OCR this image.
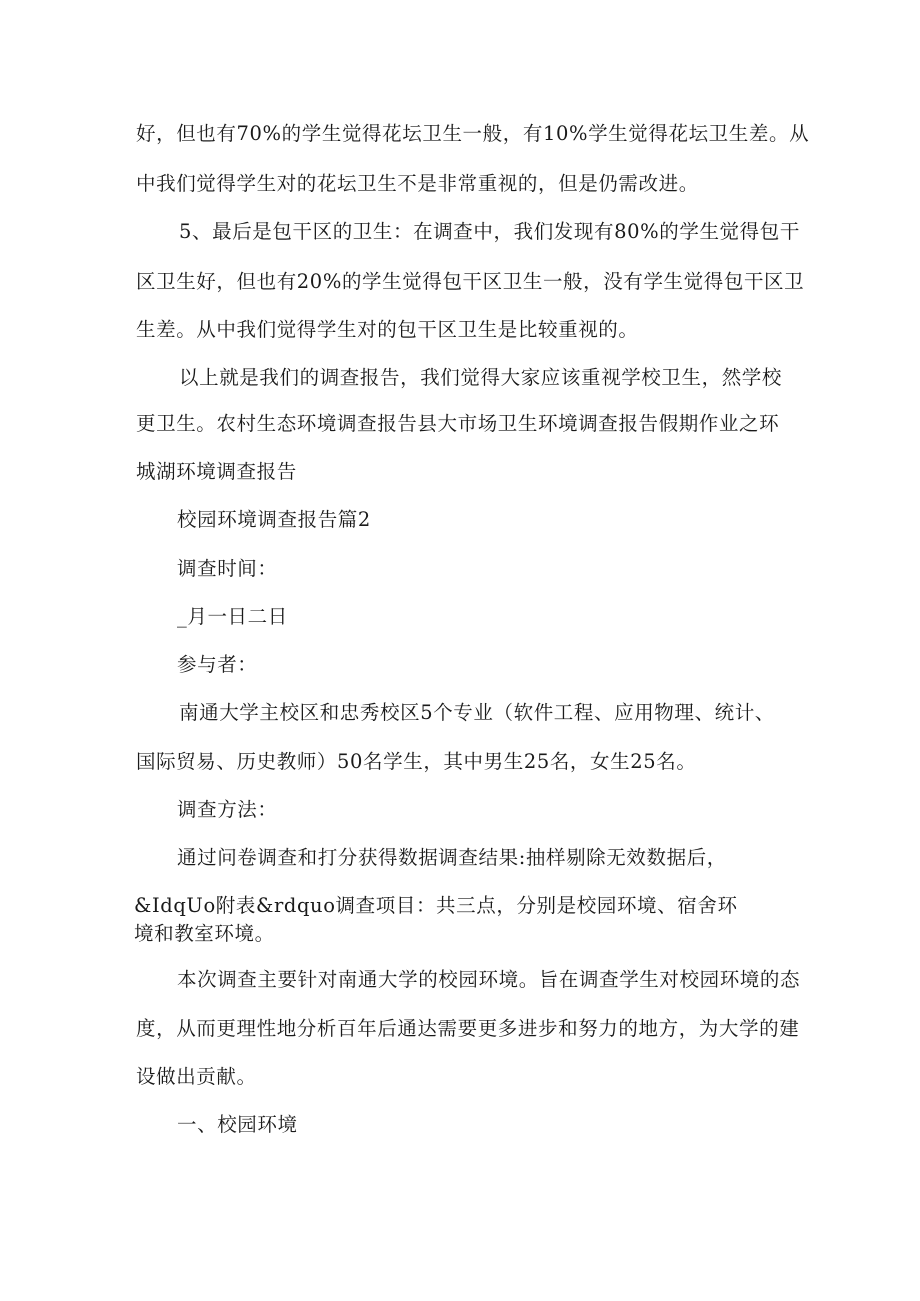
好，但也有70%的学生觉得花坛卫生一般，有10%学生觉得花坛卫生差。从
中我们觉得学生对的花坛卫生不是非常重视的，但是仍需改进。
5、最后是包干区的卫生：在调查中，我们发现有80%的学生觉得包干
区卫生好，但也有20%的学生觉得包干区卫生一般，没有学生觉得包干区卫
生差。从中我们觉得学生对的包干区卫生是比较重视的。
以上就是我们的调查报告，我们觉得大家应该重视学校卫生，然学校
更卫生。农村生态环境调查报告县大市场卫生环境调查报告假期作业之环
城湖环境调查报告
校园环境调查报告篇2
调查时间：
_月一日二日
参与者：
南通大学主校区和忠秀校区5个专业（软件工程、应用物理、统计、
国际贸易、历史教师）50名学生，其中男生25名，女生25名。
调查方法：
通过问卷调查和打分获得数据调查结果:抽样剔除无效数据后，
&IdqUo附表&rdquo调查项目：共三点，分别是校园环境、宿舍环
境和教室环境。
本次调查主要针对南通大学的校园环境。旨在调查学生对校园环境的态
度，从而更理性地分析百年后通达需要更多进步和努力的地方，为大学的建
设做出贡献。
一、校园环境
